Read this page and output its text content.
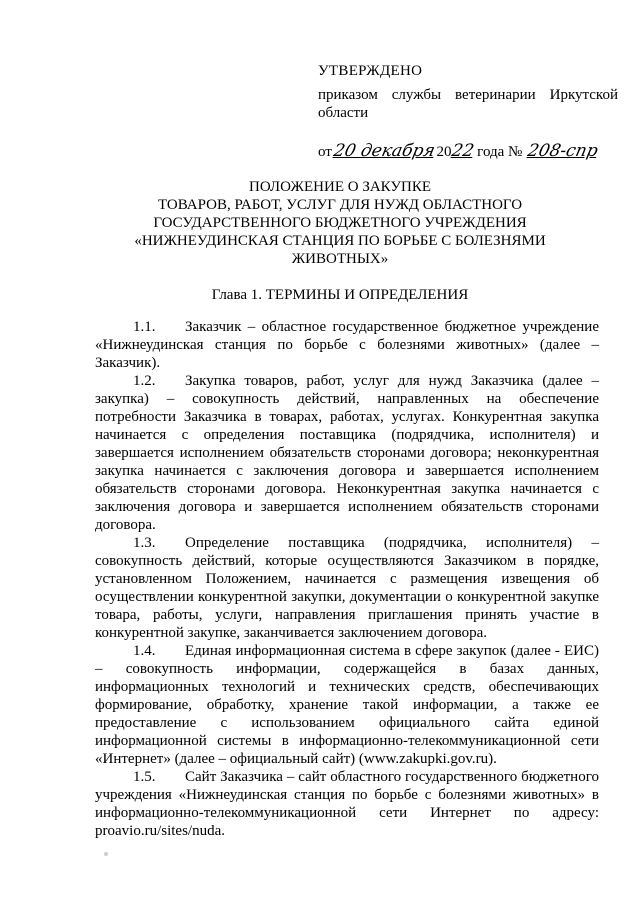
УТВЕРЖДЕНО
приказом службы ветеринарии Иркутской области
от 20 декабря 20
22 года № 208-спр
ПОЛОЖЕНИЕ О ЗАКУПКЕ
ТОВАРОВ, РАБОТ, УСЛУГ ДЛЯ НУЖД ОБЛАСТНОГО
ГОСУДАРСТВЕННОГО БЮДЖЕТНОГО УЧРЕЖДЕНИЯ
«НИЖНЕУДИНСКАЯ СТАНЦИЯ ПО БОРЬБЕ С БОЛЕЗНЯМИ
ЖИВОТНЫХ»
Глава 1. ТЕРМИНЫ И ОПРЕДЕЛЕНИЯ

1.1. Заказчик – областное государственное бюджетное учреждение «Нижнеудинская станция по борьбе с болезнями животных» (далее – Заказчик).

1.2. Закупка товаров, работ, услуг для нужд Заказчика (далее – закупка) – совокупность действий, направленных на обеспечение потребности Заказчика в товарах, работах, услугах. Конкурентная закупка начинается с определения поставщика (подрядчика, исполнителя) и завершается исполнением обязательств сторонами договора; неконкурентная закупка начинается с заключения договора и завершается исполнением обязательств сторонами договора. Неконкурентная закупка начинается с заключения договора и завершается исполнением обязательств сторонами договора.

1.3. Определение поставщика (подрядчика, исполнителя) – совокупность действий, которые осуществляются Заказчиком в порядке, установленном Положением, начинается с размещения извещения об осуществлении конкурентной закупки, документации о конкурентной закупке товара, работы, услуги, направления приглашения принять участие в конкурентной закупке, заканчивается заключением договора.

1.4. Единая информационная система в сфере закупок (далее - ЕИС) – совокупность информации, содержащейся в базах данных, информационных технологий и технических средств, обеспечивающих формирование, обработку, хранение такой информации, а также ее предоставление с использованием официального сайта единой информационной системы в информационно-телекоммуникационной сети «Интернет» (далее – официальный сайт) (www.zakupki.gov.ru).

1.5. Сайт Заказчика – сайт областного государственного бюджетного учреждения «Нижнеудинская станция по борьбе с болезнями животных» в информационно-телекоммуникационной сети Интернет по адресу: proavio.ru/sites/nuda.
